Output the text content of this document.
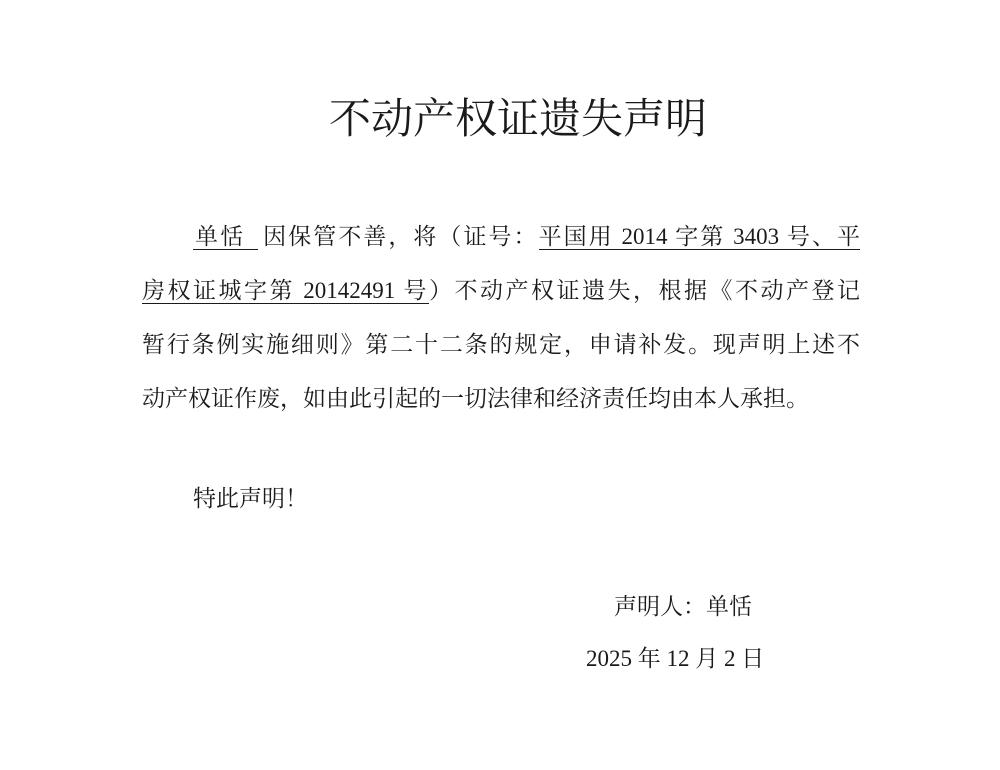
不动产权证遗失声明
单恬 因保管不善，将（证号：平国用 2014 字第 3403 号、平
房权证城字第 20142491 号）不动产权证遗失，根据《不动产登记
暂行条例实施细则》第二十二条的规定，申请补发。现声明上述不
动产权证作废，如由此引起的一切法律和经济责任均由本人承担。
特此声明！
声明人：单恬
2025 年 12 月 2 日
